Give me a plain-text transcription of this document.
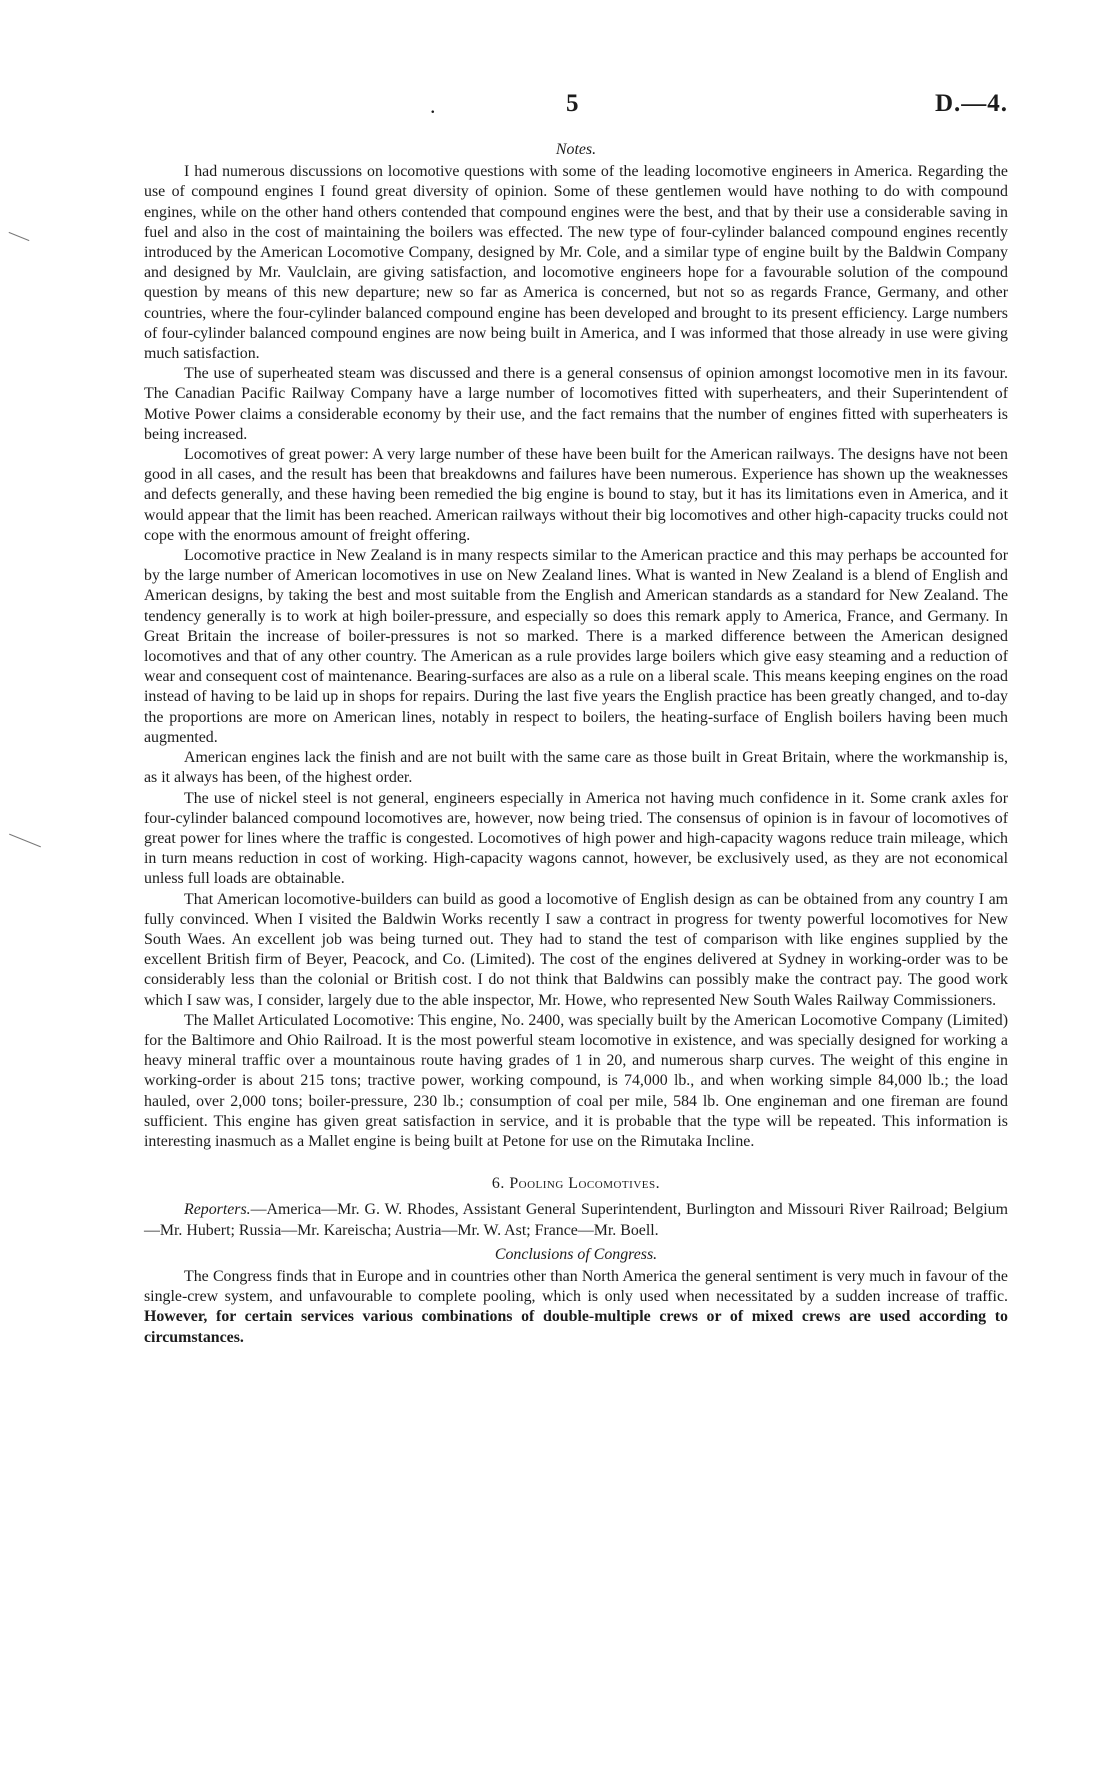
.	5	D.—4.

Notes.

I had numerous discussions on locomotive questions with some of the leading locomotive engineers in America. Regarding the use of compound engines I found great diversity of opinion. Some of these gentlemen would have nothing to do with compound engines, while on the other hand others contended that compound engines were the best, and that by their use a considerable saving in fuel and also in the cost of maintaining the boilers was effected. The new type of four-cylinder balanced compound engines recently introduced by the American Locomotive Company, designed by Mr. Cole, and a similar type of engine built by the Baldwin Company and designed by Mr. Vaulclain, are giving satisfaction, and locomotive engineers hope for a favourable solution of the compound question by means of this new departure; new so far as America is concerned, but not so as regards France, Germany, and other countries, where the four-cylinder balanced compound engine has been developed and brought to its present efficiency. Large numbers of four-cylinder balanced compound engines are now being built in America, and I was informed that those already in use were giving much satisfaction.

The use of superheated steam was discussed and there is a general consensus of opinion amongst locomotive men in its favour. The Canadian Pacific Railway Company have a large number of locomotives fitted with superheaters, and their Superintendent of Motive Power claims a considerable economy by their use, and the fact remains that the number of engines fitted with superheaters is being increased.

Locomotives of great power: A very large number of these have been built for the American railways. The designs have not been good in all cases, and the result has been that breakdowns and failures have been numerous. Experience has shown up the weaknesses and defects generally, and these having been remedied the big engine is bound to stay, but it has its limitations even in America, and it would appear that the limit has been reached. American railways without their big locomotives and other high-capacity trucks could not cope with the enormous amount of freight offering.

Locomotive practice in New Zealand is in many respects similar to the American practice and this may perhaps be accounted for by the large number of American locomotives in use on New Zealand lines. What is wanted in New Zealand is a blend of English and American designs, by taking the best and most suitable from the English and American standards as a standard for New Zealand. The tendency generally is to work at high boiler-pressure, and especially so does this remark apply to America, France, and Germany. In Great Britain the increase of boiler-pressures is not so marked. There is a marked difference between the American designed locomotives and that of any other country. The American as a rule provides large boilers which give easy steaming and a reduction of wear and consequent cost of maintenance. Bearing-surfaces are also as a rule on a liberal scale. This means keeping engines on the road instead of having to be laid up in shops for repairs. During the last five years the English practice has been greatly changed, and to-day the proportions are more on American lines, notably in respect to boilers, the heating-surface of English boilers having been much augmented.

American engines lack the finish and are not built with the same care as those built in Great Britain, where the workmanship is, as it always has been, of the highest order.

The use of nickel steel is not general, engineers especially in America not having much confidence in it. Some crank axles for four-cylinder balanced compound locomotives are, however, now being tried. The consensus of opinion is in favour of locomotives of great power for lines where the traffic is congested. Locomotives of high power and high-capacity wagons reduce train mileage, which in turn means reduction in cost of working. High-capacity wagons cannot, however, be exclusively used, as they are not economical unless full loads are obtainable.

That American locomotive-builders can build as good a locomotive of English design as can be obtained from any country I am fully convinced. When I visited the Baldwin Works recently I saw a contract in progress for twenty powerful locomotives for New South Waes. An excellent job was being turned out. They had to stand the test of comparison with like engines supplied by the excellent British firm of Beyer, Peacock, and Co. (Limited). The cost of the engines delivered at Sydney in working-order was to be considerably less than the colonial or British cost. I do not think that Baldwins can possibly make the contract pay. The good work which I saw was, I consider, largely due to the able inspector, Mr. Howe, who represented New South Wales Railway Commissioners.

The Mallet Articulated Locomotive: This engine, No. 2400, was specially built by the American Locomotive Company (Limited) for the Baltimore and Ohio Railroad. It is the most powerful steam locomotive in existence, and was specially designed for working a heavy mineral traffic over a mountainous route having grades of 1 in 20, and numerous sharp curves. The weight of this engine in working-order is about 215 tons; tractive power, working compound, is 74,000 lb., and when working simple 84,000 lb.; the load hauled, over 2,000 tons; boiler-pressure, 230 lb.; consumption of coal per mile, 584 lb. One engineman and one fireman are found sufficient. This engine has given great satisfaction in service, and it is probable that the type will be repeated. This information is interesting inasmuch as a Mallet engine is being built at Petone for use on the Rimutaka Incline.

6. Pooling Locomotives.

Reporters.—America—Mr. G. W. Rhodes, Assistant General Superintendent, Burlington and Missouri River Railroad; Belgium—Mr. Hubert; Russia—Mr. Kareischa; Austria—Mr. W. Ast; France—Mr. Boell.

Conclusions of Congress.

The Congress finds that in Europe and in countries other than North America the general sentiment is very much in favour of the single-crew system, and unfavourable to complete pooling, which is only used when necessitated by a sudden increase of traffic. However, for certain services various combinations of double-multiple crews or of mixed crews are used according to circumstances.
